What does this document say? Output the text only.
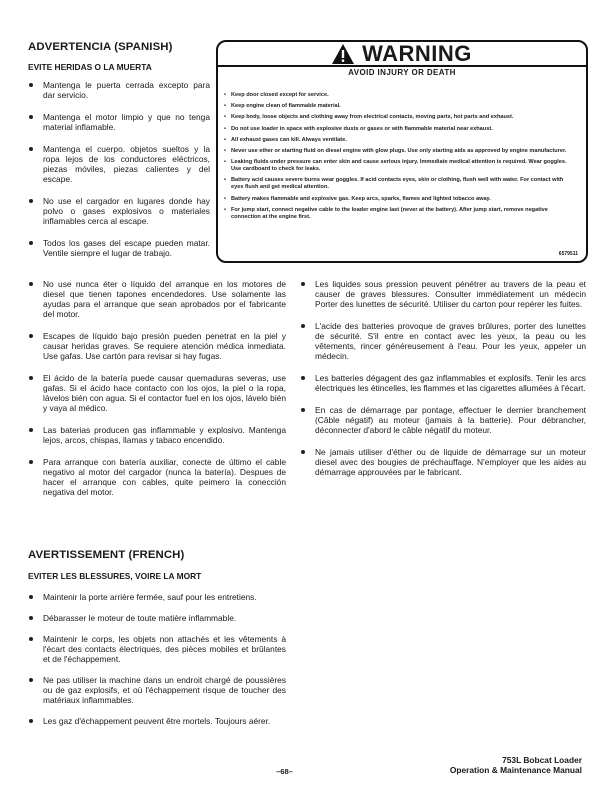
ADVERTENCIA (SPANISH)
EVITE HERIDAS O LA MUERTA
Mantenga le puerta cerrada excepto para dar servicio.
Mantenga el motor limpio y que no tenga material inflamable.
Mantenga el cuerpo. objetos sueltos y la ropa lejos de los conductores eléctricos, piezas móviles, piezas calientes y del escape.
No use el cargador en lugares donde hay polvo o gases explosivos o materiales inflamables cerca al escape.
Todos los gases del escape pueden matar. Ventile siempre el lugar de trabajo.
WARNING
AVOID INJURY OR DEATH
• Keep door closed except for service.
• Keep engine clean of flammable material.
• Keep body, loose objects and clothing away from electrical contacts, moving parts, hot parts and exhaust.
• Do not use loader in space with explosive dusts or gases or with flammable material near exhaust.
• All exhaust gases can kill. Always ventilate.
• Never use ether or starting fluid on diesel engine with glow plugs. Use only starting aids as approved by engine manufacturer.
• Leaking fluids under pressure can enter skin and cause serious injury. Immediate medical attention is required. Wear goggles. Use cardboard to check for leaks.
• Battery acid causes severe burns wear goggles. If acid contacts eyes, skin or clothing, flush well with water. For contact with eyes flush and get medical attention.
• Battery makes flammable and explosive gas. Keep arcs, sparks, flames and lighted tobacco away.
• For jump start, connect negative cable to the loader engine last (never at the battery). After jump start, remove negative connection at the engine first.
6579511
No use nunca éter o líquido del arranque en los motores de diesel que tienen tapones encendedores. Use solamente las ayudas para el arranque que sean aprobados por el fabricante del motor.
Escapes de líquido bajo presión pueden penetrat en la piel y causar heridas graves. Se requiere atención médica inmediata. Use gafas. Use cartón para revisar si hay fugas.
El ácido de la batería puede causar quemaduras severas, use gafas. Si el ácido hace contacto con los ojos, la piel o la ropa, lávelos bién con agua. Si el contactor fuel en los ojos, lávelo bién y vaya al médico.
Las baterias producen gas inflammable y explosivo. Mantenga lejos, arcos, chispas, llamas y tabaco encendido.
Para arranque con batería auxiliar, conecte de último el cable negativo al motor del cargador (nunca la batería). Despues de hacer el arranque con cables, quite peimero la conección negativa del motor.
Les liquides sous pression peuvent pénétrer au travers de la peau et causer de graves blessures. Consulter immédiatement un médecin Porter des lunettes de sécurité. Utiliser du carton pour repérer les fuites.
L'acide des batteries provoque de graves brûlures, porter des lunettes de sécurité. S'il entre en contact avec les yeux, la peau ou les vêtements, rincer généreusement à l'eau. Pour les yeux, appeler un médecin.
Les batteries dégagent des gaz inflammables et explosifs. Tenir les arcs électriques les étincelles, les flammes et las cigarettes allumées à l'écart.
En cas de démarrage par pontage, effectuer le dernier branchement (Câble négatif) au moteur (jamais à la batterie). Pour débrancher, déconnecter d'abord le câble négatif du moteur.
Ne jamais utiliser d'éther ou de liquide de démarrage sur un moteur diesel avec des bougies de préchauffage. N'employer que les aides au démarrage approuvées par le fabricant.
AVERTISSEMENT (FRENCH)
EVITER LES BLESSURES, VOIRE LA MORT
Maintenir la porte arrière fermée, sauf pour les entretiens.
Débarasser le moteur de toute matière inflammable.
Maintenir le corps, les objets non attachés et les vêtements à l'écart des contacts électriques, des pièces mobiles et brûlantes et de l'échappement.
Ne pas utiliser la machine dans un endroit chargé de poussières ou de gaz explosifs, et où l'échappement risque de toucher des matériaux inflammables.
Les gaz d'échappement peuvent être mortels. Toujours aérer.
–68–
753L Bobcat Loader
Operation & Maintenance Manual
